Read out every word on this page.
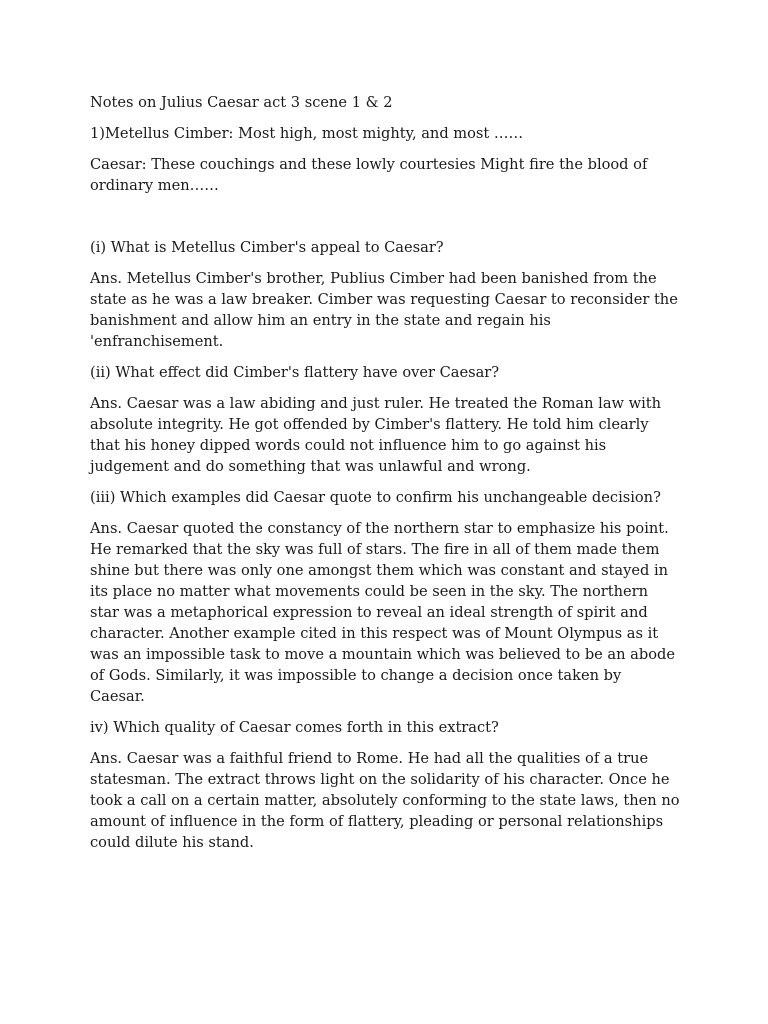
Notes on Julius Caesar act 3 scene 1 & 2

1)Metellus Cimber: Most high, most mighty, and most ……

Caesar: These couchings and these lowly courtesies Might fire the blood of ordinary men……

(i) What is Metellus Cimber's appeal to Caesar?

Ans. Metellus Cimber's brother, Publius Cimber had been banished from the state as he was a law breaker. Cimber was requesting Caesar to reconsider the banishment and allow him an entry in the state and regain his 'enfranchisement.

(ii) What effect did Cimber's flattery have over Caesar?

Ans. Caesar was a law abiding and just ruler. He treated the Roman law with absolute integrity. He got offended by Cimber's flattery. He told him clearly that his honey dipped words could not influence him to go against his judgement and do something that was unlawful and wrong.

(iii) Which examples did Caesar quote to confirm his unchangeable decision?

Ans. Caesar quoted the constancy of the northern star to emphasize his point. He remarked that the sky was full of stars. The fire in all of them made them shine but there was only one amongst them which was constant and stayed in its place no matter what movements could be seen in the sky. The northern star was a metaphorical expression to reveal an ideal strength of spirit and character. Another example cited in this respect was of Mount Olympus as it was an impossible task to move a mountain which was believed to be an abode of Gods. Similarly, it was impossible to change a decision once taken by Caesar.

iv) Which quality of Caesar comes forth in this extract?

Ans. Caesar was a faithful friend to Rome. He had all the qualities of a true statesman. The extract throws light on the solidarity of his character. Once he took a call on a certain matter, absolutely conforming to the state laws, then no amount of influence in the form of flattery, pleading or personal relationships could dilute his stand.
